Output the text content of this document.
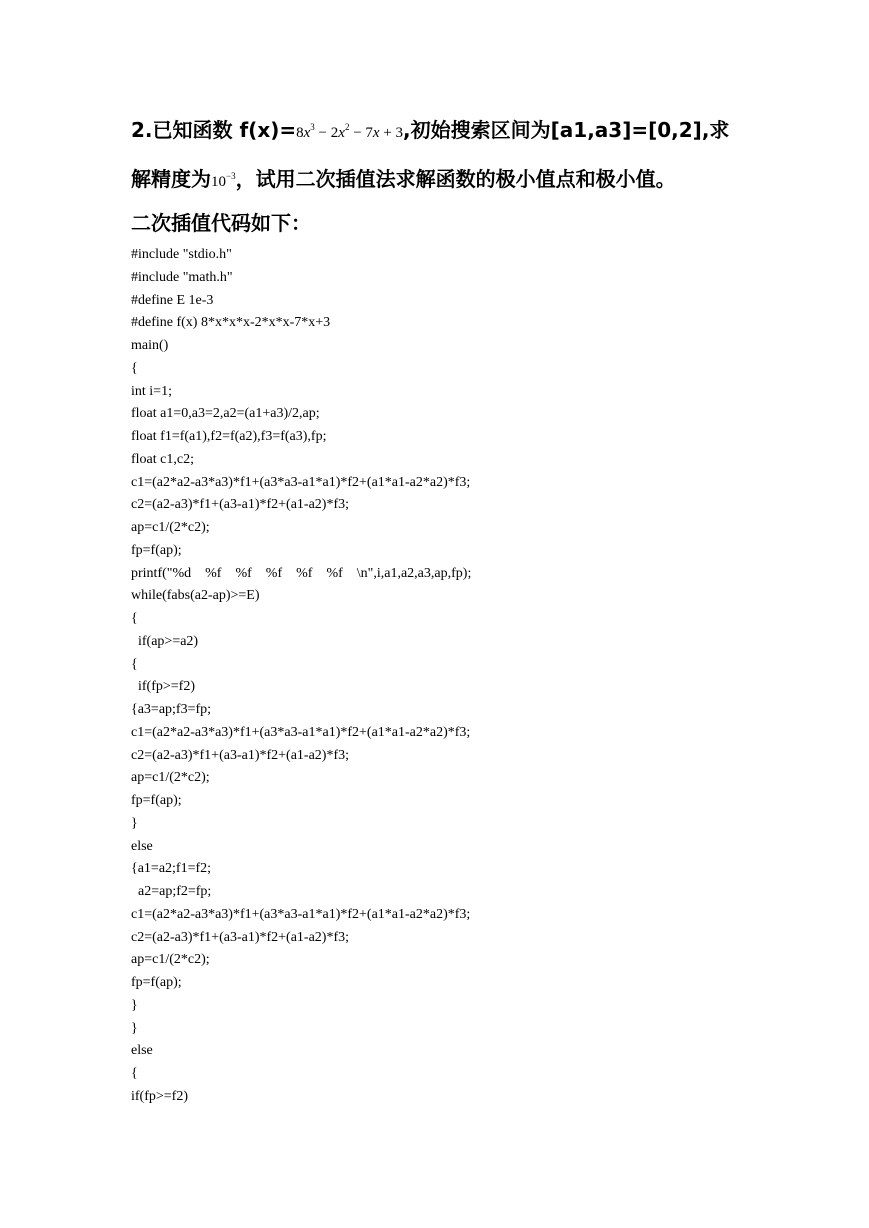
2.已知函数 $f(x)=8x^3 - 2x^2 - 7x + 3$,初始搜索区间为[a1,a3]=[0,2],求
解精度为$10^{-3}$，试用二次插值法求解函数的极小值点和极小值。
二次插值代码如下：
#include "stdio.h"
#include "math.h"
#define E 1e-3
#define f(x) 8*x*x*x-2*x*x-7*x+3
main()
{
int i=1;
float a1=0,a3=2,a2=(a1+a3)/2,ap;
float f1=f(a1),f2=f(a2),f3=f(a3),fp;
float c1,c2;
c1=(a2*a2-a3*a3)*f1+(a3*a3-a1*a1)*f2+(a1*a1-a2*a2)*f3;
c2=(a2-a3)*f1+(a3-a1)*f2+(a1-a2)*f3;
ap=c1/(2*c2);
fp=f(ap);
printf("%d    %f    %f    %f    %f    %f    \n",i,a1,a2,a3,ap,fp);
while(fabs(a2-ap)>=E)
{
if(ap>=a2)
{
if(fp>=f2)
{a3=ap;f3=fp;
c1=(a2*a2-a3*a3)*f1+(a3*a3-a1*a1)*f2+(a1*a1-a2*a2)*f3;
c2=(a2-a3)*f1+(a3-a1)*f2+(a1-a2)*f3;
ap=c1/(2*c2);
fp=f(ap);
}
else
{a1=a2;f1=f2;
a2=ap;f2=fp;
c1=(a2*a2-a3*a3)*f1+(a3*a3-a1*a1)*f2+(a1*a1-a2*a2)*f3;
c2=(a2-a3)*f1+(a3-a1)*f2+(a1-a2)*f3;
ap=c1/(2*c2);
fp=f(ap);
}
}
else
{
if(fp>=f2)
